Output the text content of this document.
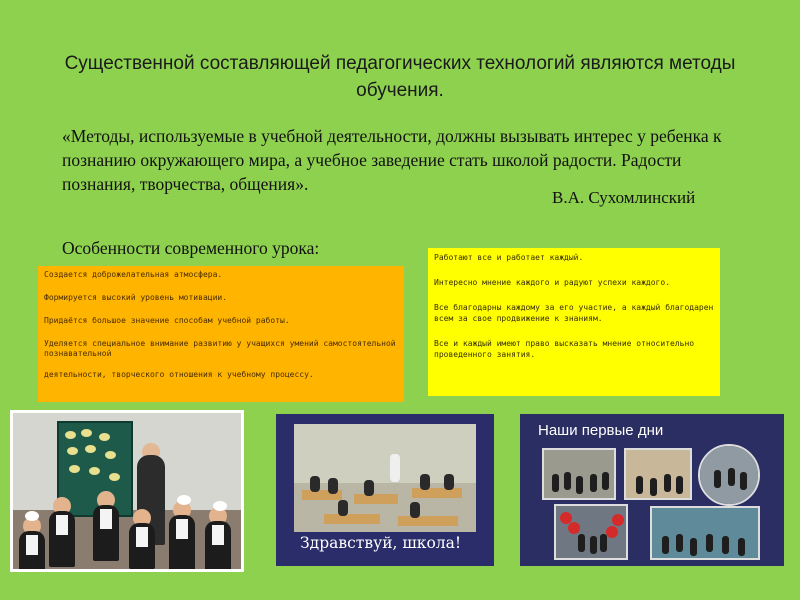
Существенной составляющей педагогических технологий являются методы обучения.
«Методы, используемые в учебной деятельности, должны вызывать интерес у ребенка к познанию окружающего мира, а учебное заведение стать школой радости. Радости познания, творчества, общения».
В.А. Сухомлинский
Особенности современного урока:

Создается доброжелательная атмосфера.

Формируется высокий уровень мотивации.

Придаётся большое значение способам учебной работы.

Уделяется специальное внимание развитию у учащихся умений самостоятельной познавательной

деятельности, творческого отношения к учебному процессу.

Работают все и работает каждый.

Интересно мнение каждого и радуют успехи каждого.

Все благодарны каждому за его участие, а каждый благодарен всем за свое продвижение к знаниям.

Все и каждый имеют право высказать мнение относительно проведенного занятия.

Здравствуй, школа!
Наши первые дни
